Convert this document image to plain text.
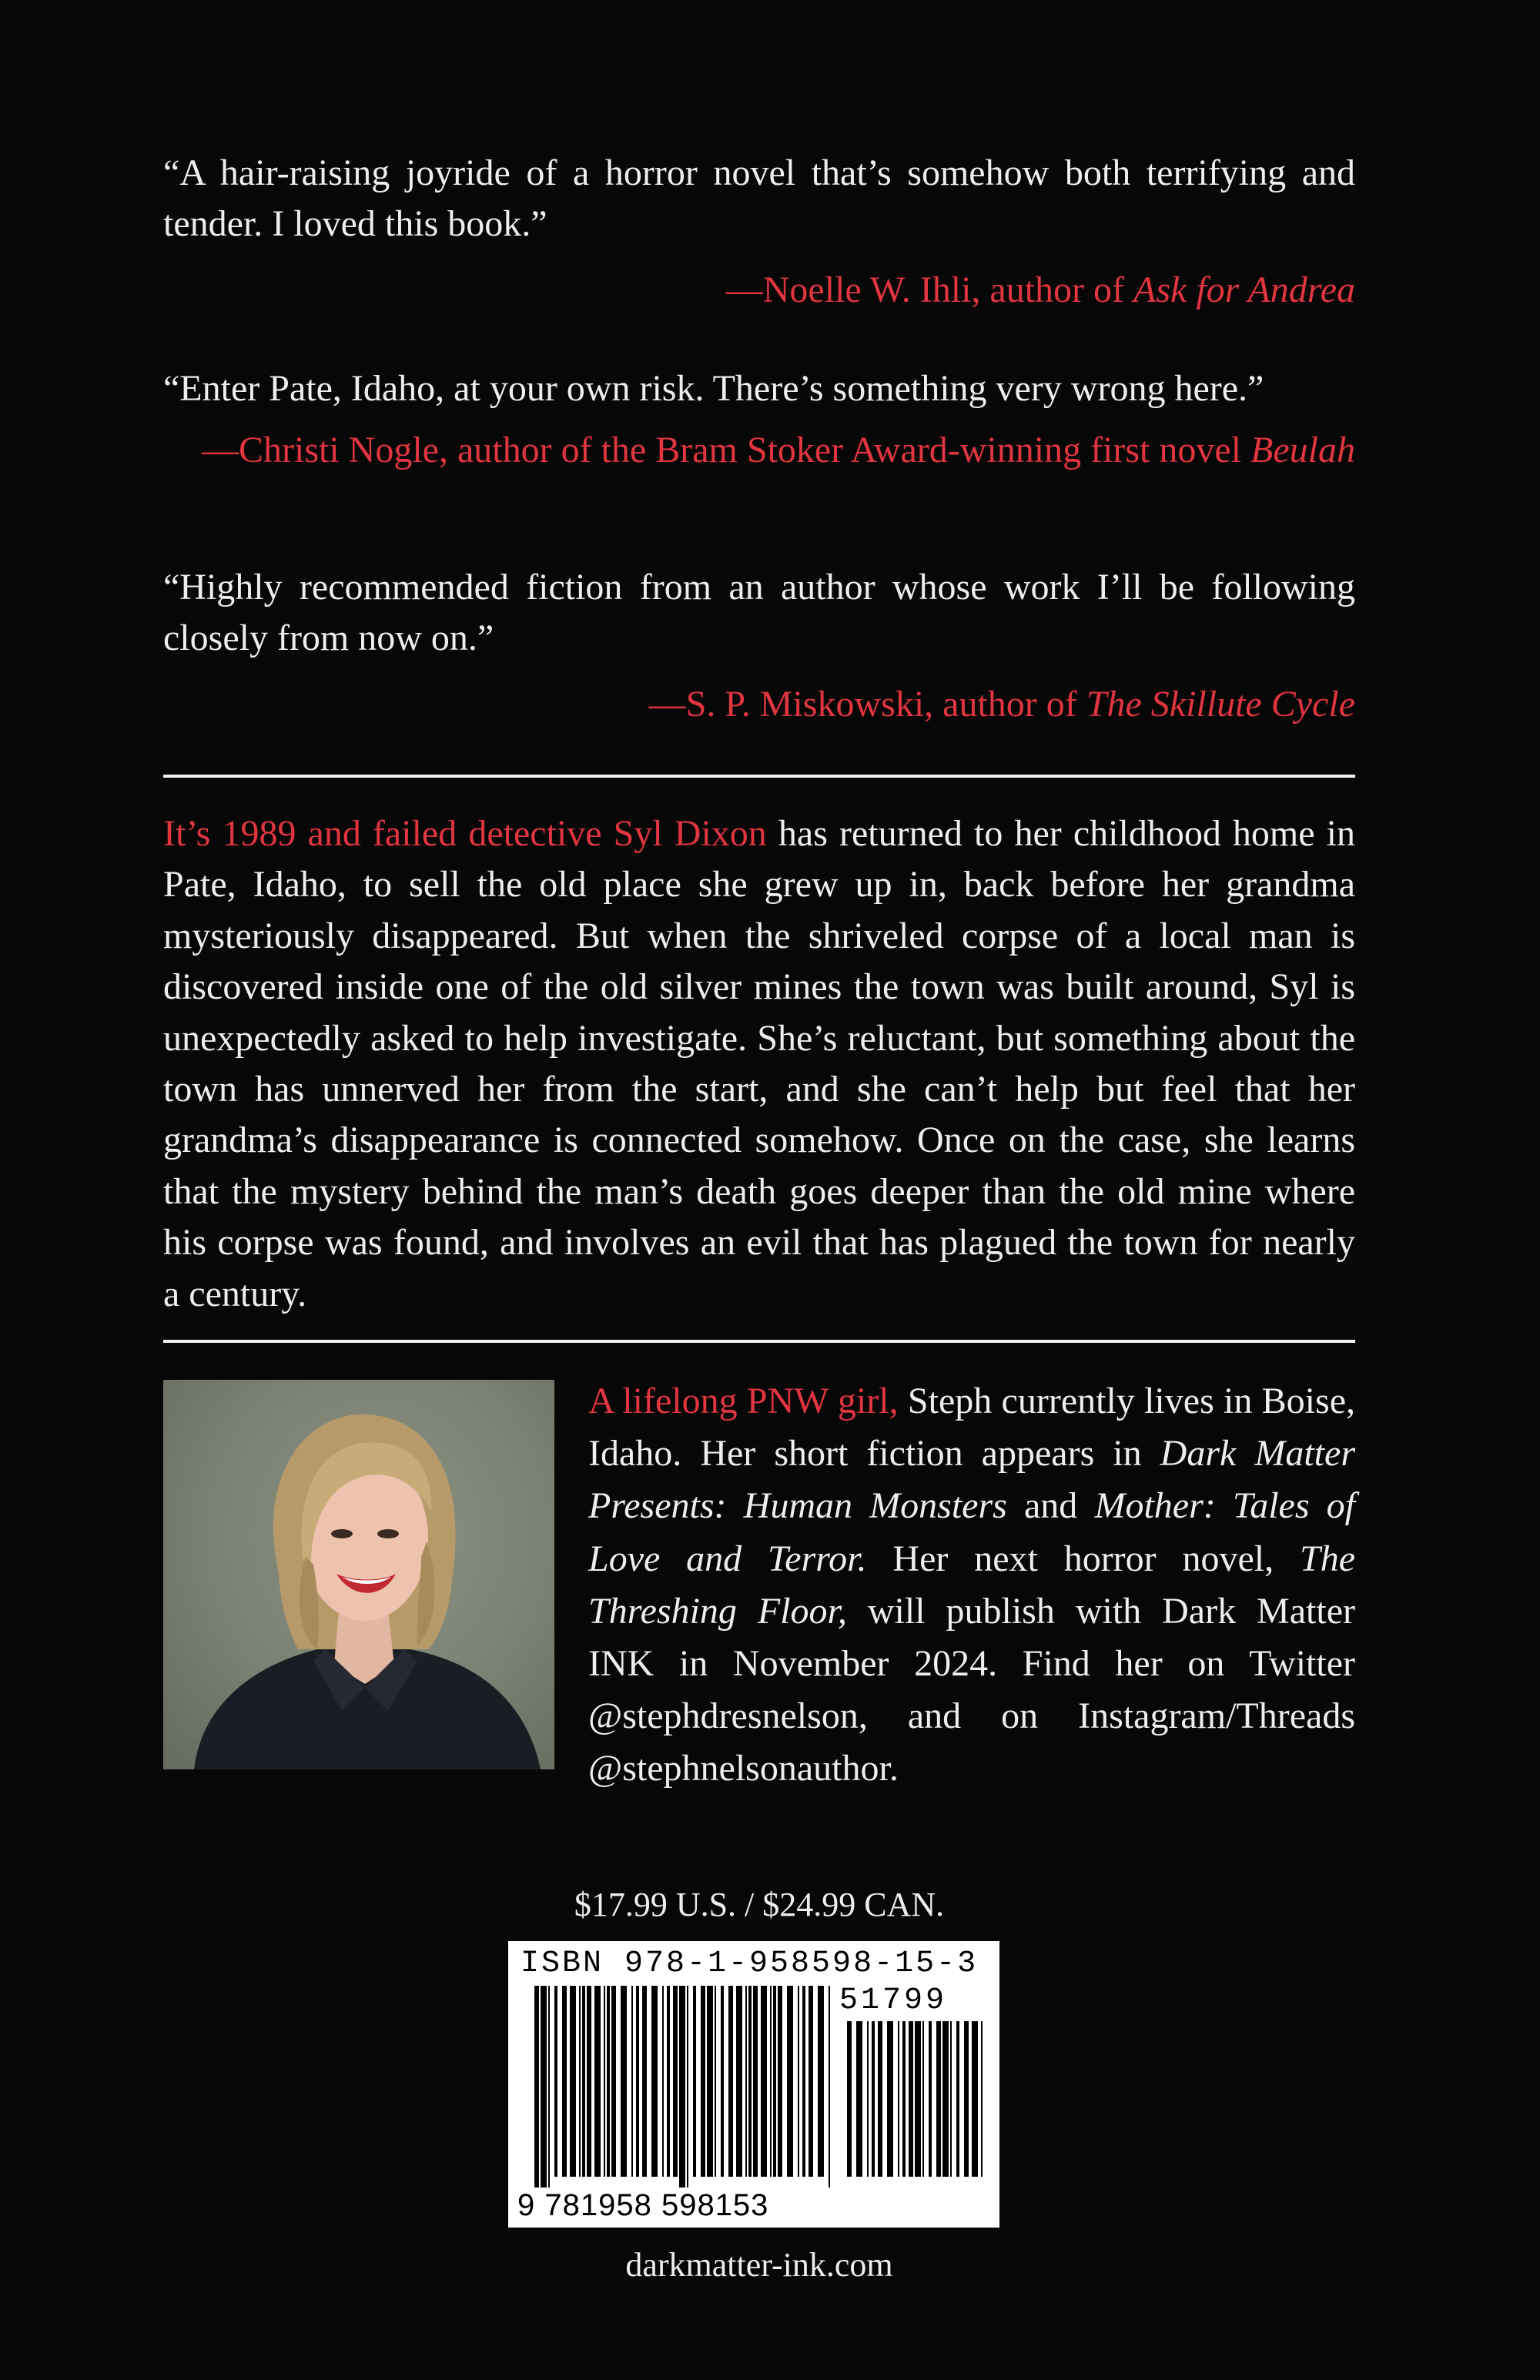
“A hair-raising joyride of a horror novel that’s somehow both terrifying and tender. I loved this book.”

—Noelle W. Ihli, author of Ask for Andrea

“Enter Pate, Idaho, at your own risk. There’s something very wrong here.”

—Christi Nogle, author of the Bram Stoker Award-winning first novel Beulah

“Highly recommended fiction from an author whose work I’ll be following closely from now on.”

—S. P. Miskowski, author of The Skillute Cycle

It’s 1989 and failed detective Syl Dixon has returned to her childhood home in Pate, Idaho, to sell the old place she grew up in, back before her grandma mysteriously disappeared. But when the shriveled corpse of a local man is discovered inside one of the old silver mines the town was built around, Syl is unexpectedly asked to help investigate. She’s reluctant, but something about the town has unnerved her from the start, and she can’t help but feel that her grandma’s disappearance is connected somehow. Once on the case, she learns that the mystery behind the man’s death goes deeper than the old mine where his corpse was found, and involves an evil that has plagued the town for nearly a century.

A lifelong PNW girl, Steph currently lives in Boise, Idaho. Her short fiction appears in Dark Matter Presents: Human Monsters and Mother: Tales of Love and Terror. Her next horror novel, The Threshing Floor, will publish with Dark Matter INK in November 2024. Find her on Twitter @stephdresnelson, and on Instagram/Threads @stephnelsonauthor.

$17.99 U.S. / $24.99 CAN.

ISBN 978-1-958598-15-3
51799
9 781958 598153

darkmatter-ink.com
